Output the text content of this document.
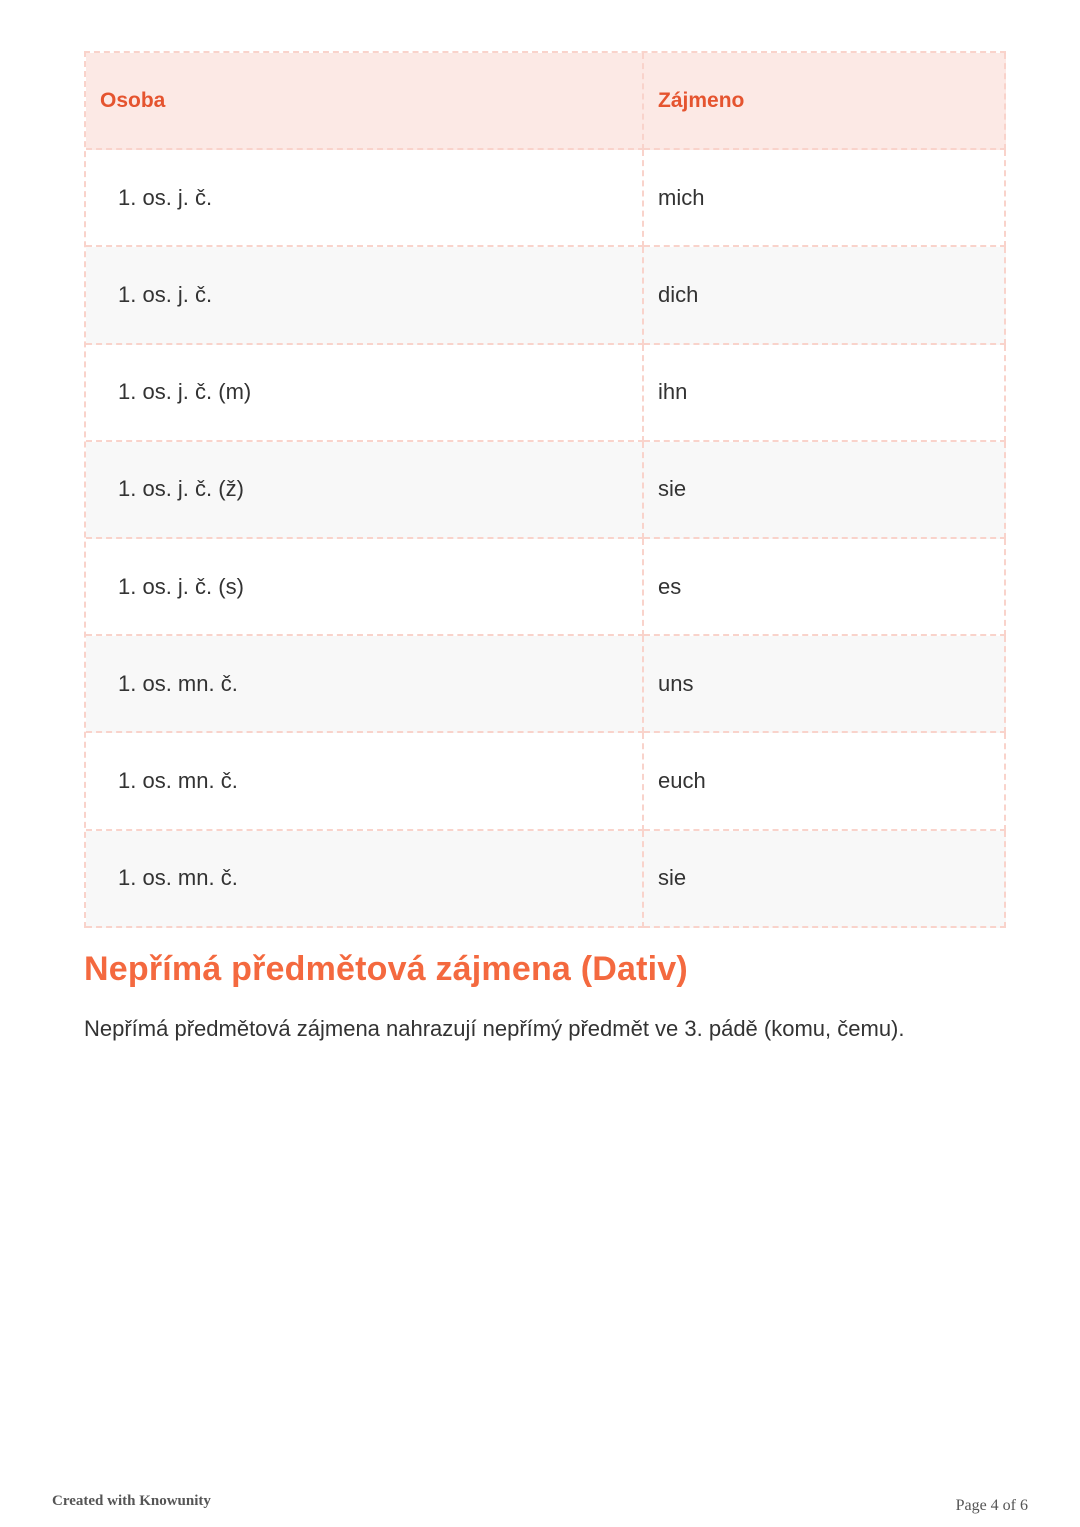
Osoba	Zájmeno
1. os. j. č.	mich
1. os. j. č.	dich
1. os. j. č. (m)	ihn
1. os. j. č. (ž)	sie
1. os. j. č. (s)	es
1. os. mn. č.	uns
1. os. mn. č.	euch
1. os. mn. č.	sie
Nepřímá předmětová zájmena (Dativ)

Nepřímá předmětová zájmena nahrazují nepřímý předmět ve 3. pádě (komu, čemu).

Created with Knowunity	Page 4 of 6
